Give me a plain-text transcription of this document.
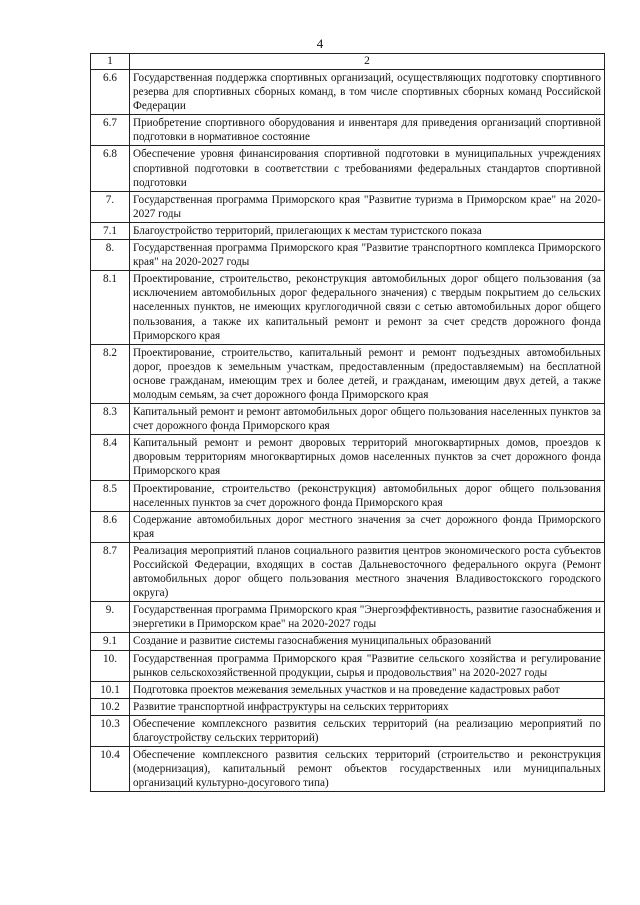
4
1	2
6.6	Государственная поддержка спортивных организаций, осуществляющих подготовку спортивного резерва для спортивных сборных команд, в том числе спортивных сборных команд Российской Федерации
6.7	Приобретение спортивного оборудования и инвентаря для приведения организаций спортивной подготовки в нормативное состояние
6.8	Обеспечение уровня финансирования спортивной подготовки в муниципальных учреждениях спортивной подготовки в соответствии с требованиями федеральных стандартов спортивной подготовки
7.	Государственная программа Приморского края "Развитие туризма в Приморском крае" на 2020-2027 годы
7.1	Благоустройство территорий, прилегающих к местам туристского показа
8.	Государственная программа Приморского края "Развитие транспортного комплекса Приморского края" на 2020-2027 годы
8.1	Проектирование, строительство, реконструкция автомобильных дорог общего пользования (за исключением автомобильных дорог федерального значения) с твердым покрытием до сельских населенных пунктов, не имеющих круглогодичной связи с сетью автомобильных дорог общего пользования, а также их капитальный ремонт и ремонт за счет средств дорожного фонда Приморского края
8.2	Проектирование, строительство, капитальный ремонт и ремонт подъездных автомобильных дорог, проездов к земельным участкам, предоставленным (предоставляемым) на бесплатной основе гражданам, имеющим трех и более детей, и гражданам, имеющим двух детей, а также молодым семьям, за счет дорожного фонда Приморского края
8.3	Капитальный ремонт и ремонт автомобильных дорог общего пользования населенных пунктов за счет дорожного фонда Приморского края
8.4	Капитальный ремонт и ремонт дворовых территорий многоквартирных домов, проездов к дворовым территориям многоквартирных домов населенных пунктов за счет дорожного фонда Приморского края
8.5	Проектирование, строительство (реконструкция) автомобильных дорог общего пользования населенных пунктов за счет дорожного фонда Приморского края
8.6	Содержание автомобильных дорог местного значения за счет дорожного фонда Приморского края
8.7	Реализация мероприятий планов социального развития центров экономического роста субъектов Российской Федерации, входящих в состав Дальневосточного федерального округа (Ремонт автомобильных дорог общего пользования местного значения Владивостокского городского округа)
9.	Государственная программа Приморского края "Энергоэффективность, развитие газоснабжения и энергетики в Приморском крае" на 2020-2027 годы
9.1	Создание и развитие системы газоснабжения муниципальных образований
10.	Государственная программа Приморского края "Развитие сельского хозяйства и регулирование рынков сельскохозяйственной продукции, сырья и продовольствия" на 2020-2027 годы
10.1	Подготовка проектов межевания земельных участков и на проведение кадастровых работ
10.2	Развитие транспортной инфраструктуры на сельских территориях
10.3	Обеспечение комплексного развития сельских территорий (на реализацию мероприятий по благоустройству сельских территорий)
10.4	Обеспечение комплексного развития сельских территорий (строительство и реконструкция (модернизация), капитальный ремонт объектов государственных или муниципальных организаций культурно-досугового типа)
